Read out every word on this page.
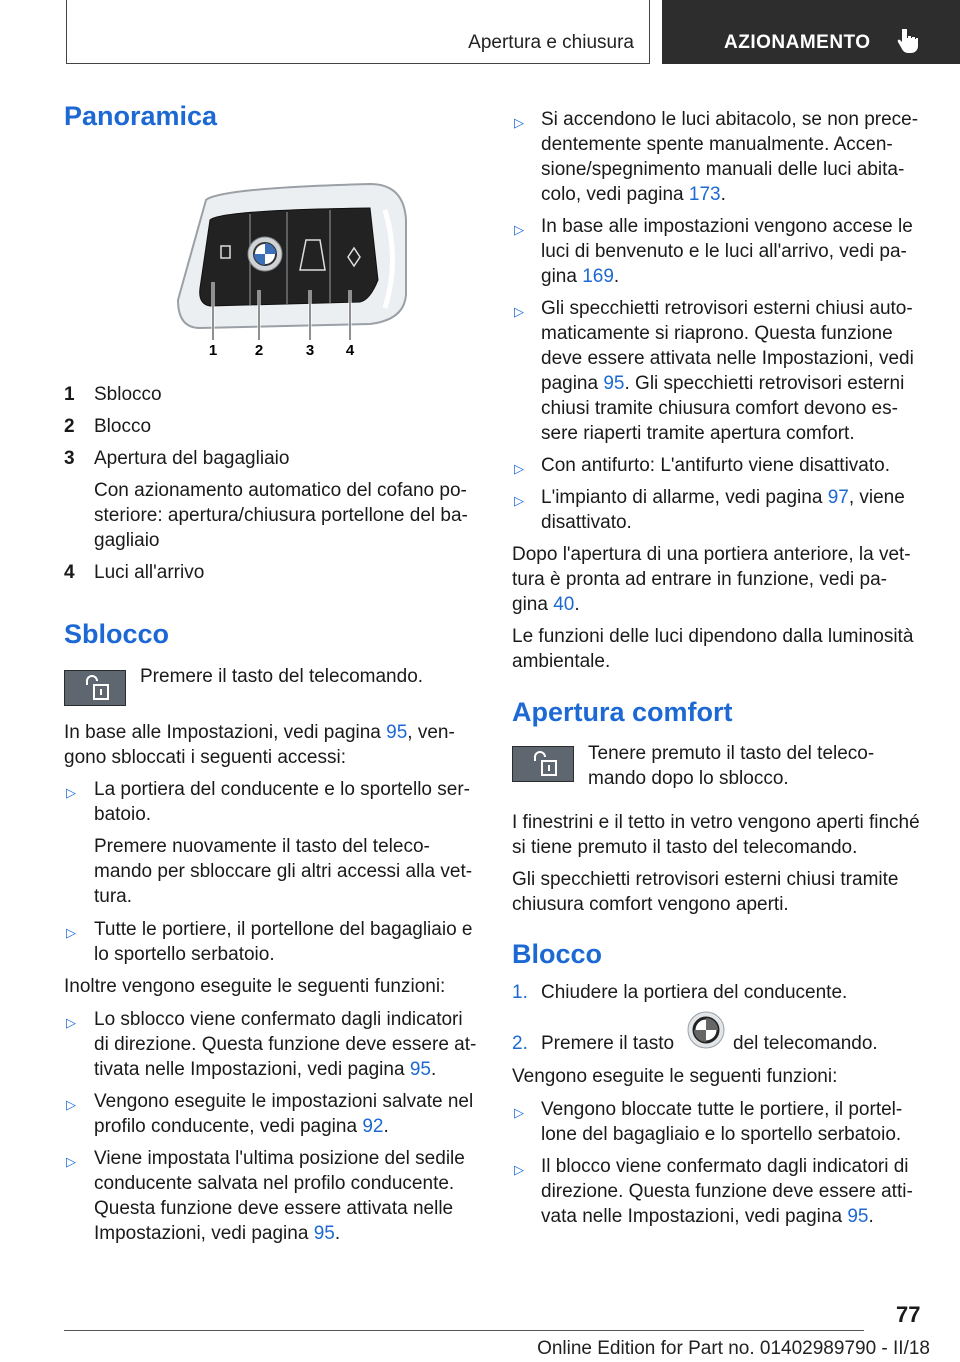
Apertura e chiusura	AZIONAMENTO
Panoramica
1	2	3 4
1 Sblocco

2 Blocco

3 Apertura del bagagliaio

Con azionamento automatico del cofano po-

steriore: apertura/chiusura portellone del ba-

gagliaio

4 Luci all'arrivo

Sblocco

Premere il tasto del telecomando.

In base alle Impostazioni, vedi pagina 95, ven-

gono sbloccati i seguenti accessi:

▷ La portiera del conducente e lo sportello ser-

batoio.

Premere nuovamente il tasto del teleco-

mando per sbloccare gli altri accessi alla vet-

tura.

▷ Tutte le portiere, il portellone del bagagliaio e

lo sportello serbatoio.

Inoltre vengono eseguite le seguenti funzioni:

▷ Lo sblocco viene confermato dagli indicatori

di direzione. Questa funzione deve essere at-

tivata nelle Impostazioni, vedi pagina 95.

▷ Vengono eseguite le impostazioni salvate nel

profilo conducente, vedi pagina 92.

▷ Viene impostata l'ultima posizione del sedile

conducente salvata nel profilo conducente.

Questa funzione deve essere attivata nelle

Impostazioni, vedi pagina 95.

▷ Si accendono le luci abitacolo, se non prece-

dentemente spente manualmente. Accen-

sione/spegnimento manuali delle luci abita-

colo, vedi pagina 173.

▷ In base alle impostazioni vengono accese le

luci di benvenuto e le luci all'arrivo, vedi pa-

gina 169.

▷ Gli specchietti retrovisori esterni chiusi auto-

maticamente si riaprono. Questa funzione

deve essere attivata nelle Impostazioni, vedi

pagina 95. Gli specchietti retrovisori esterni

chiusi tramite chiusura comfort devono es-

sere riaperti tramite apertura comfort.

▷ Con antifurto: L'antifurto viene disattivato.

▷ L'impianto di allarme, vedi pagina 97, viene

disattivato.

Dopo l'apertura di una portiera anteriore, la vet-

tura è pronta ad entrare in funzione, vedi pa-

gina 40.

Le funzioni delle luci dipendono dalla luminosità

ambientale.

Apertura comfort

Tenere premuto il tasto del teleco-

mando dopo lo sblocco.

I finestrini e il tetto in vetro vengono aperti finché

si tiene premuto il tasto del telecomando.

Gli specchietti retrovisori esterni chiusi tramite

chiusura comfort vengono aperti.

Blocco
1. Chiudere la portiera del conducente.

2. Premere il tasto	del telecomando.

Vengono eseguite le seguenti funzioni:

▷ Vengono bloccate tutte le portiere, il portel-

lone del bagagliaio e lo sportello serbatoio.

▷ Il blocco viene confermato dagli indicatori di

direzione. Questa funzione deve essere atti-

vata nelle Impostazioni, vedi pagina 95.

77
Online Edition for Part no. 01402989790 - II/18
